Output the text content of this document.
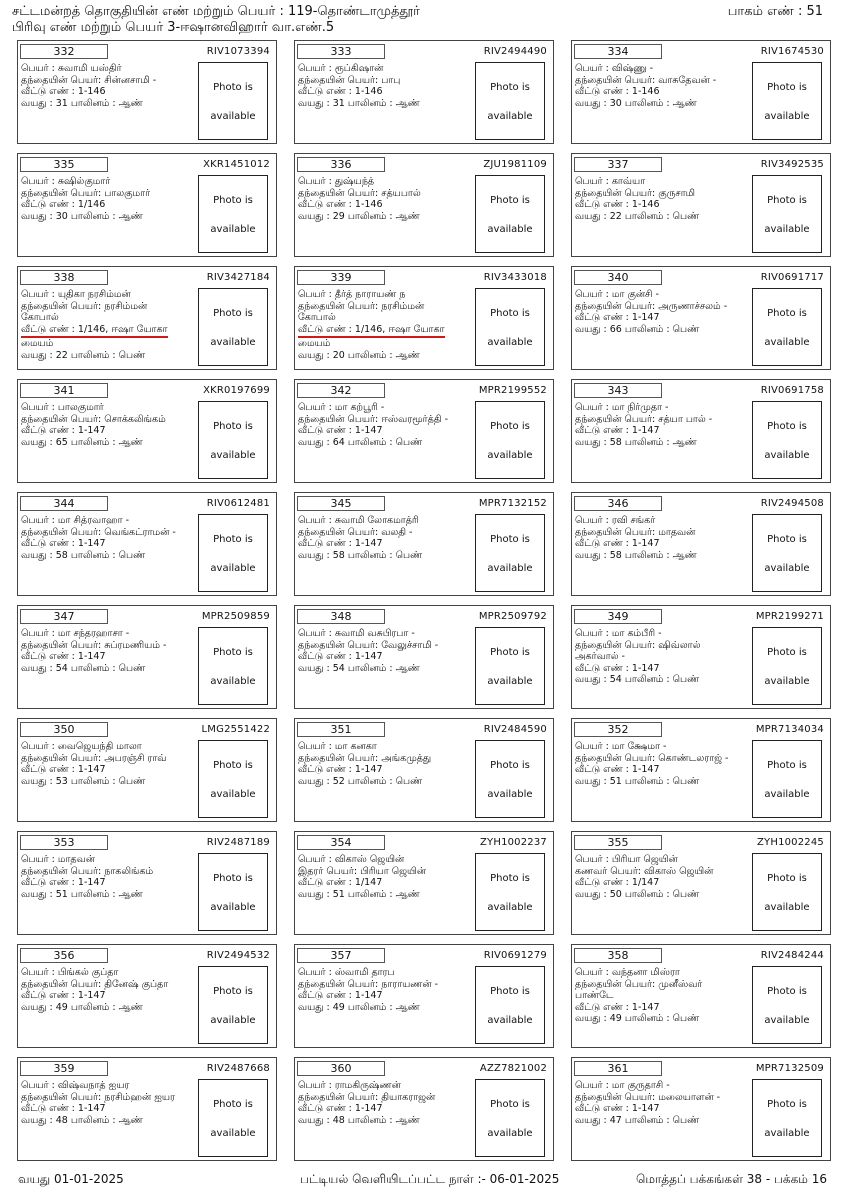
சட்டமன்றத் தொகுதியின் எண் மற்றும் பெயர் : 119-தொண்டாமுத்தூர்
பிரிவு எண் மற்றும் பெயர் 3-ஈஷானவிஹார் வா.எண்.5
பாகம் எண் : 51
332	RIV1073394
பெயர் : சுவாமி யஸ்திர்
தந்தையின் பெயர்: சின்னசாமி -
வீட்டு எண் : 1-146
வயது : 31 பாலினம் : ஆண்
Photo is
available
333	RIV2494490
பெயர் : ரூப்கிஷான்
தந்தையின் பெயர்: பாபு
வீட்டு எண் : 1-146
வயது : 31 பாலினம் : ஆண்
Photo is
available
334	RIV1674530
பெயர் : விஷ்ணு -
தந்தையின் பெயர்: வாசுதேவன் -
வீட்டு எண் : 1-146
வயது : 30 பாலினம் : ஆண்
Photo is
available
335	XKR1451012
பெயர் : சுஷில்குமார்
தந்தையின் பெயர்: பாலகுமார்
வீட்டு எண் : 1/146
வயது : 30 பாலினம் : ஆண்
Photo is
available
336	ZJU1981109
பெயர் : துஷ்யந்த்
தந்தையின் பெயர்: சத்யபால்
வீட்டு எண் : 1-146
வயது : 29 பாலினம் : ஆண்
Photo is
available
337	RIV3492535
பெயர் : காவ்யா
தந்தையின் பெயர்: குருசாமி
வீட்டு எண் : 1-146
வயது : 22 பாலினம் : பெண்
Photo is
available
338	RIV3427184
பெயர் : யுதிகா நரசிம்மன்
தந்தையின் பெயர்: நரசிம்மன்
கோபால்
வீட்டு எண் : 1/146, ஈஷா யோகா
மையம்
வயது : 22 பாலினம் : பெண்
Photo is
available
339	RIV3433018
பெயர் : தீர்த் நாராயண் ந
தந்தையின் பெயர்: நரசிம்மன்
கோபால்
வீட்டு எண் : 1/146, ஈஷா யோகா
மையம்
வயது : 20 பாலினம் : ஆண்
Photo is
available
340	RIV0691717
பெயர் : மா குன்சி -
தந்தையின் பெயர்: அருணாச்சலம் -
வீட்டு எண் : 1-147
வயது : 66 பாலினம் : பெண்
Photo is
available
341	XKR0197699
பெயர் : பாலகுமார்
தந்தையின் பெயர்: சொக்கலிங்கம்
வீட்டு எண் : 1-147
வயது : 65 பாலினம் : ஆண்
Photo is
available
342	MPR2199552
பெயர் : மா கற்பூரி -
தந்தையின் பெயர்: ஈஸ்வரமூர்த்தி -
வீட்டு எண் : 1-147
வயது : 64 பாலினம் : பெண்
Photo is
available
343	RIV0691758
பெயர் : மா நிர்முதா -
தந்தையின் பெயர்: சத்யா பால் -
வீட்டு எண் : 1-147
வயது : 58 பாலினம் : ஆண்
Photo is
available
344	RIV0612481
பெயர் : மா சித்ரவாஹா -
தந்தையின் பெயர்: வெங்கட்ராமன் -
வீட்டு எண் : 1-147
வயது : 58 பாலினம் : பெண்
Photo is
available
345	MPR7132152
பெயர் : சுவாமி லோகமாத்ரி
தந்தையின் பெயர்: வலதி -
வீட்டு எண் : 1-147
வயது : 58 பாலினம் : பெண்
Photo is
available
346	RIV2494508
பெயர் : ரவி சங்கர்
தந்தையின் பெயர்: மாதவன்
வீட்டு எண் : 1-147
வயது : 58 பாலினம் : ஆண்
Photo is
available
347	MPR2509859
பெயர் : மா சந்தரஹாசா -
தந்தையின் பெயர்: சுப்ரமணியம் -
வீட்டு எண் : 1-147
வயது : 54 பாலினம் : பெண்
Photo is
available
348	MPR2509792
பெயர் : சுவாமி வசுபிரபா -
தந்தையின் பெயர்: வேலுச்சாமி -
வீட்டு எண் : 1-147
வயது : 54 பாலினம் : ஆண்
Photo is
available
349	MPR2199271
பெயர் : மா கம்பீரி -
தந்தையின் பெயர்: ஷிவ்லால்
அகர்வால் -
வீட்டு எண் : 1-147
வயது : 54 பாலினம் : பெண்
Photo is
available
350	LMG2551422
பெயர் : வைஜெயந்தி மாலா
தந்தையின் பெயர்: அபரஞ்சி ராவ்
வீட்டு எண் : 1-147
வயது : 53 பாலினம் : பெண்
Photo is
available
351	RIV2484590
பெயர் : மா கனகா
தந்தையின் பெயர்: அங்கமுத்து
வீட்டு எண் : 1-147
வயது : 52 பாலினம் : பெண்
Photo is
available
352	MPR7134034
பெயர் : மா க்ஷேமா -
தந்தையின் பெயர்: கொண்டலராஜ் -
வீட்டு எண் : 1-147
வயது : 51 பாலினம் : பெண்
Photo is
available
353	RIV2487189
பெயர் : மாதவன்
தந்தையின் பெயர்: நாகலிங்கம்
வீட்டு எண் : 1-147
வயது : 51 பாலினம் : ஆண்
Photo is
available
354	ZYH1002237
பெயர் : விகாஸ் ஜெயின்
இதரர் பெயர்: பிரியா ஜெயின்
வீட்டு எண் : 1/147
வயது : 51 பாலினம் : ஆண்
Photo is
available
355	ZYH1002245
பெயர் : பிரியா ஜெயின்
கணவர் பெயர்: விகாஸ் ஜெயின்
வீட்டு எண் : 1/147
வயது : 50 பாலினம் : பெண்
Photo is
available
356	RIV2494532
பெயர் : பிங்கல் குப்தா
தந்தையின் பெயர்: தினேஷ் குப்தா
வீட்டு எண் : 1-147
வயது : 49 பாலினம் : ஆண்
Photo is
available
357	RIV0691279
பெயர் : ஸ்வாமி தாரப
தந்தையின் பெயர்: நாராயணன் -
வீட்டு எண் : 1-147
வயது : 49 பாலினம் : ஆண்
Photo is
available
358	RIV2484244
பெயர் : வந்தனா மிஸ்ரா
தந்தையின் பெயர்: முனீஸ்வர்
பாண்டே
வீட்டு எண் : 1-147
வயது : 49 பாலினம் : பெண்
Photo is
available
359	RIV2487668
பெயர் : விஷ்வநாத் ஐயர
தந்தையின் பெயர்: நரசிம்ஹன் ஐயர
வீட்டு எண் : 1-147
வயது : 48 பாலினம் : ஆண்
Photo is
available
360	AZZ7821002
பெயர் : ராமகிருஷ்ணன்
தந்தையின் பெயர்: தியாகராஜன்
வீட்டு எண் : 1-147
வயது : 48 பாலினம் : ஆண்
Photo is
available
361	MPR7132509
பெயர் : மா குருதாசி -
தந்தையின் பெயர்: மலையாளன் -
வீட்டு எண் : 1-147
வயது : 47 பாலினம் : பெண்
Photo is
available
வயது 01-01-2025	பட்டியல் வெளியிடப்பட்ட நாள் :- 06-01-2025	மொத்தப் பக்கங்கள் 38 - பக்கம் 16
